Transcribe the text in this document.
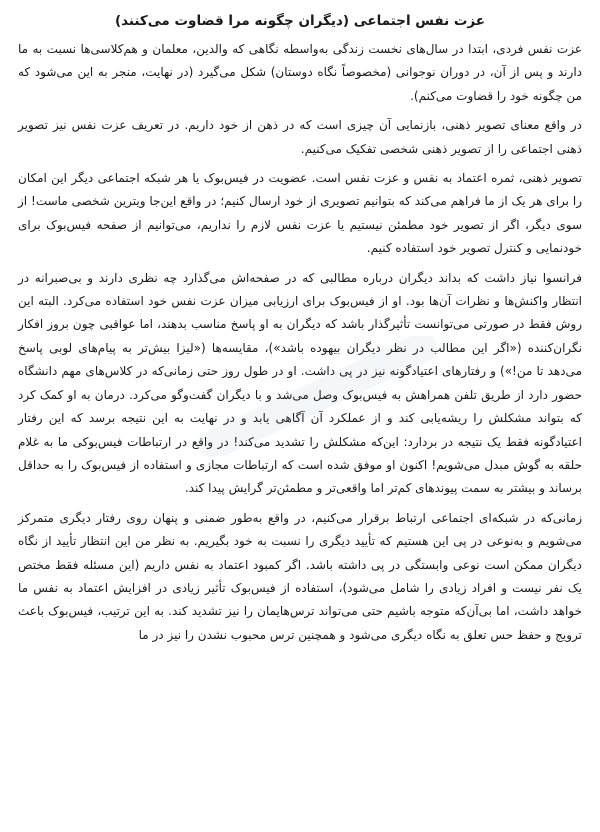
عزت نفس اجتماعی (دیگران چگونه مرا قضاوت می‌کنند)

عزت نفس فردی، ابتدا در سال‌های نخست زندگی به‌واسطه نگاهی که والدین، معلمان و هم‌کلاسی‌ها نسبت به ما دارند و پس از آن، در دوران نوجوانی (مخصوصاً نگاه دوستان) شکل می‌گیرد (در نهایت، منجر به این می‌شود که من چگونه خود را قضاوت می‌کنم).

در واقع معنای تصویر ذهنی، بازنمایی آن چیزی است که در ذهن از خود داریم. در تعریف عزت نفس نیز تصویر ذهنی اجتماعی را از تصویر ذهنی شخصی تفکیک می‌کنیم.

تصویر ذهنی، ثمره اعتماد به نفس و عزت نفس است. عضویت در فیس‌بوک یا هر شبکه اجتماعی دیگر این امکان را برای هر یک از ما فراهم می‌کند که بتوانیم تصویری از خود ارسال کنیم؛ در واقع این‌جا ویترین شخصی ماست! از سوی دیگر، اگر از تصویر خود مطمئن نیستیم یا عزت نفس لازم را نداریم، می‌توانیم از صفحه فیس‌بوک برای خودنمایی و کنترل تصویر خود استفاده کنیم.

فرانسوا نیاز داشت که بداند دیگران درباره مطالبی که در صفحه‌اش می‌گذارد چه نظری دارند و بی‌صبرانه در انتظار واکنش‌ها و نظرات آن‌ها بود. او از فیس‌بوک برای ارزیابی میزان عزت نفس خود استفاده می‌کرد. البته این روش فقط در صورتی می‌توانست تأثیرگذار باشد که دیگران به او پاسخ مناسب بدهند، اما عواقبی چون بروز افکار نگران‌کننده («اگر این مطالب در نظر دیگران بیهوده باشد»)، مقایسه‌ها («لیزا بیش‌تر به پیام‌های لوبی پاسخ می‌دهد تا من!») و رفتارهای اعتیادگونه نیز در پی داشت. او در طول روز حتی زمانی‌که در کلاس‌های مهم دانشگاه حضور دارد از طریق تلفن همراهش به فیس‌بوک وصل می‌شد و با دیگران گفت‌وگو می‌کرد. درمان به او کمک کرد که بتواند مشکلش را ریشه‌یابی کند و از عملکرد آن آگاهی یابد و در نهایت به این نتیجه برسد که این رفتار اعتیادگونه فقط یک نتیجه در بردارد: این‌که مشکلش را تشدید می‌کند! در واقع در ارتباطات فیس‌بوکی ما به غلام حلقه به گوش مبدل می‌شویم! اکنون او موفق شده است که ارتباطات مجازی و استفاده از فیس‌بوک را به حداقل برساند و بیشتر به سمت پیوندهای کم‌تر اما واقعی‌تر و مطمئن‌تر گرایش پیدا کند.

زمانی‌که در شبکه‌ای اجتماعی ارتباط برقرار می‌کنیم، در واقع به‌طور ضمنی و پنهان روی رفتار دیگری متمرکز می‌شویم و به‌نوعی در پی این هستیم که تأیید دیگری را نسبت به خود بگیریم. به نظر من این انتظار تأیید از نگاه دیگران ممکن است نوعی وابستگی در پی داشته باشد. اگر کمبود اعتماد به نفس داریم (این مسئله فقط مختص یک نفر نیست و افراد زیادی را شامل می‌شود)، استفاده از فیس‌بوک تأثیر زیادی در افزایش اعتماد به نفس ما خواهد داشت، اما بی‌آن‌که متوجه باشیم حتی می‌تواند ترس‌هایمان را نیز تشدید کند. به این ترتیب، فیس‌بوک باعث ترویج و حفظ حس تعلق به نگاه دیگری می‌شود و همچنین ترس محبوب نشدن را نیز در ما
